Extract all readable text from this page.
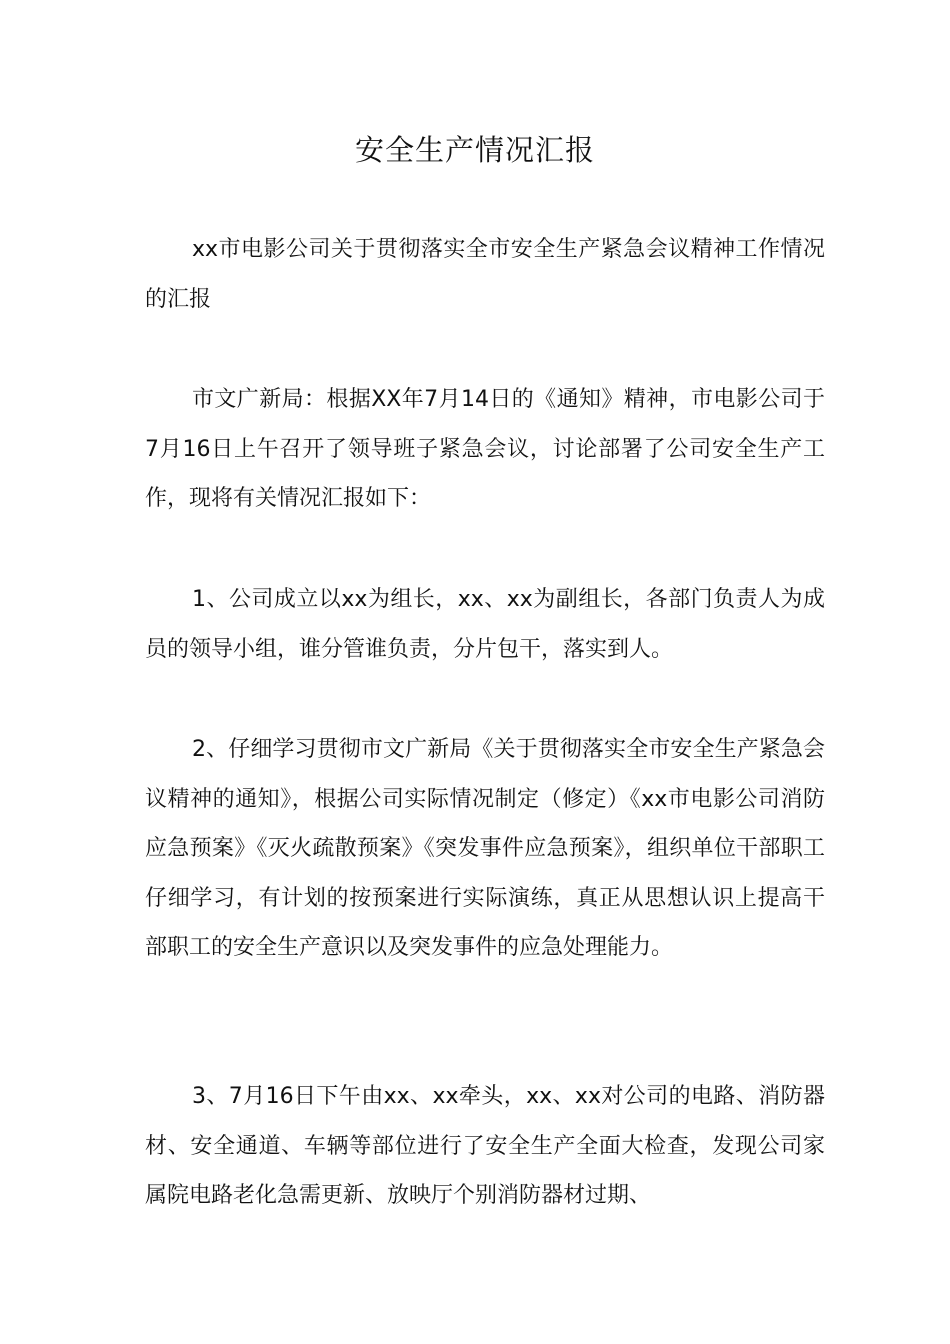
安全生产情况汇报

xx市电影公司关于贯彻落实全市安全生产紧急会议精神工作情况的汇报

市文广新局：根据XX年7月14日的《通知》精神，市电影公司于7月16日上午召开了领导班子紧急会议，讨论部署了公司安全生产工作，现将有关情况汇报如下：

1、公司成立以xx为组长，xx、xx为副组长，各部门负责人为成员的领导小组，谁分管谁负责，分片包干，落实到人。

2、仔细学习贯彻市文广新局《关于贯彻落实全市安全生产紧急会议精神的通知》，根据公司实际情况制定（修定）《xx市电影公司消防应急预案》《灭火疏散预案》《突发事件应急预案》，组织单位干部职工仔细学习，有计划的按预案进行实际演练，真正从思想认识上提高干部职工的安全生产意识以及突发事件的应急处理能力。

3、7月16日下午由xx、xx牵头，xx、xx对公司的电路、消防器材、安全通道、车辆等部位进行了安全生产全面大检查，发现公司家属院电路老化急需更新、放映厅个别消防器材过期、
